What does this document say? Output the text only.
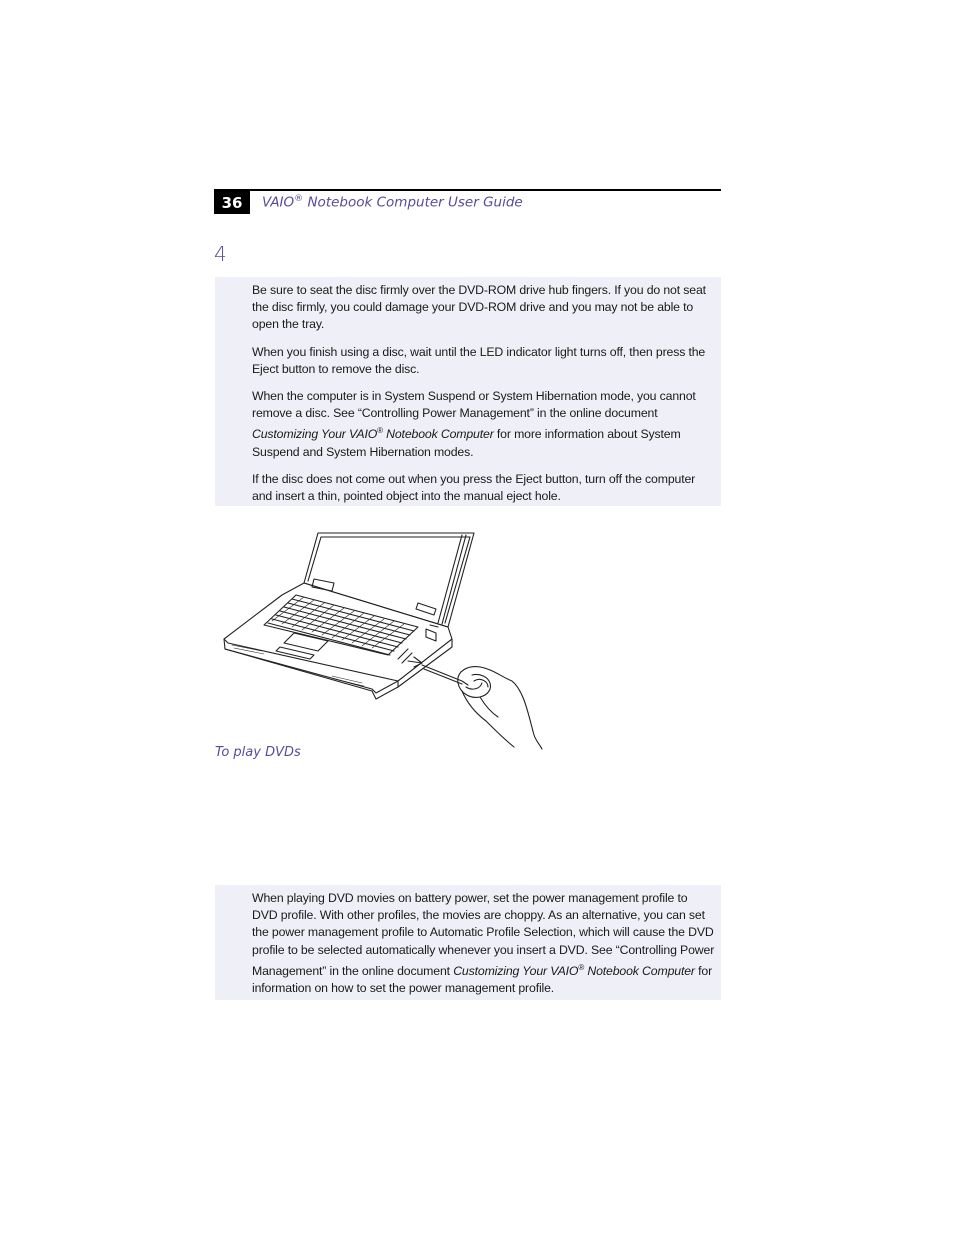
36	VAIO® Notebook Computer User Guide
4

Be sure to seat the disc firmly over the DVD-ROM drive hub fingers. If you do not seat the disc firmly, you could damage your DVD-ROM drive and you may not be able to open the tray.

When you finish using a disc, wait until the LED indicator light turns off, then press the Eject button to remove the disc.

When the computer is in System Suspend or System Hibernation mode, you cannot remove a disc. See “Controlling Power Management” in the online document Customizing Your VAIO® Notebook Computer for more information about System Suspend and System Hibernation modes.

If the disc does not come out when you press the Eject button, turn off the computer and insert a thin, pointed object into the manual eject hole.

To play DVDs

When playing DVD movies on battery power, set the power management profile to DVD profile. With other profiles, the movies are choppy. As an alternative, you can set the power management profile to Automatic Profile Selection, which will cause the DVD profile to be selected automatically whenever you insert a DVD. See “Controlling Power Management” in the online document Customizing Your VAIO® Notebook Computer for information on how to set the power management profile.
